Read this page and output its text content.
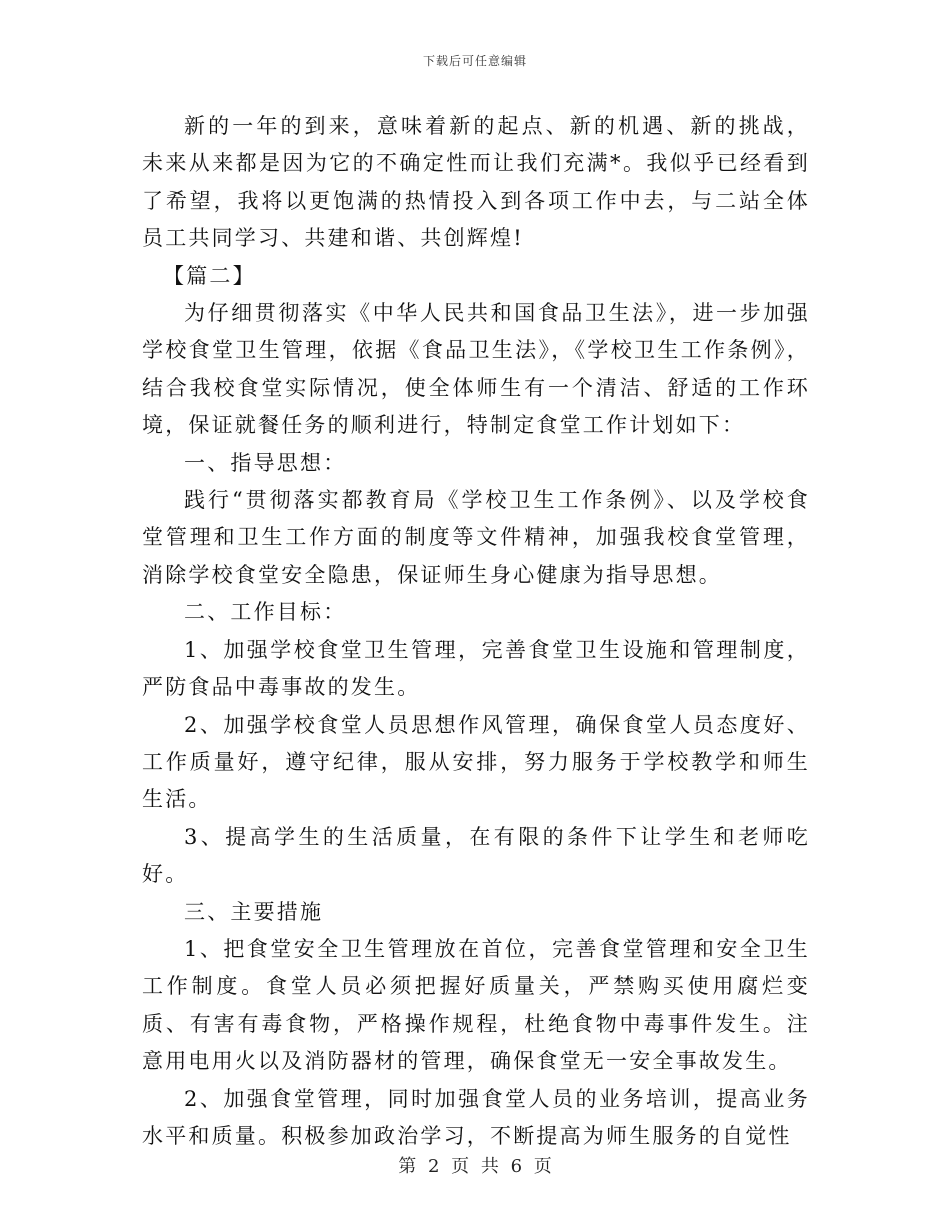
下载后可任意编辑

新的一年的到来，意味着新的起点、新的机遇、新的挑战，未来从来都是因为它的不确定性而让我们充满*。我似乎已经看到了希望，我将以更饱满的热情投入到各项工作中去，与二站全体员工共同学习、共建和谐、共创辉煌!

【篇二】

为仔细贯彻落实《中华人民共和国食品卫生法》，进一步加强学校食堂卫生管理，依据《食品卫生法》，《学校卫生工作条例》，结合我校食堂实际情况，使全体师生有一个清洁、舒适的工作环境，保证就餐任务的顺利进行，特制定食堂工作计划如下：

一、指导思想：

践行“贯彻落实都教育局《学校卫生工作条例》、以及学校食堂管理和卫生工作方面的制度等文件精神，加强我校食堂管理，消除学校食堂安全隐患，保证师生身心健康为指导思想。

二、工作目标：

1、加强学校食堂卫生管理，完善食堂卫生设施和管理制度，严防食品中毒事故的发生。

2、加强学校食堂人员思想作风管理，确保食堂人员态度好、工作质量好，遵守纪律，服从安排，努力服务于学校教学和师生生活。

3、提高学生的生活质量，在有限的条件下让学生和老师吃好。

三、主要措施

1、把食堂安全卫生管理放在首位，完善食堂管理和安全卫生工作制度。食堂人员必须把握好质量关，严禁购买使用腐烂变质、有害有毒食物，严格操作规程，杜绝食物中毒事件发生。注意用电用火以及消防器材的管理，确保食堂无一安全事故发生。

2、加强食堂管理，同时加强食堂人员的业务培训，提高业务水平和质量。积极参加政治学习，不断提高为师生服务的自觉性

第 2 页 共 6 页
